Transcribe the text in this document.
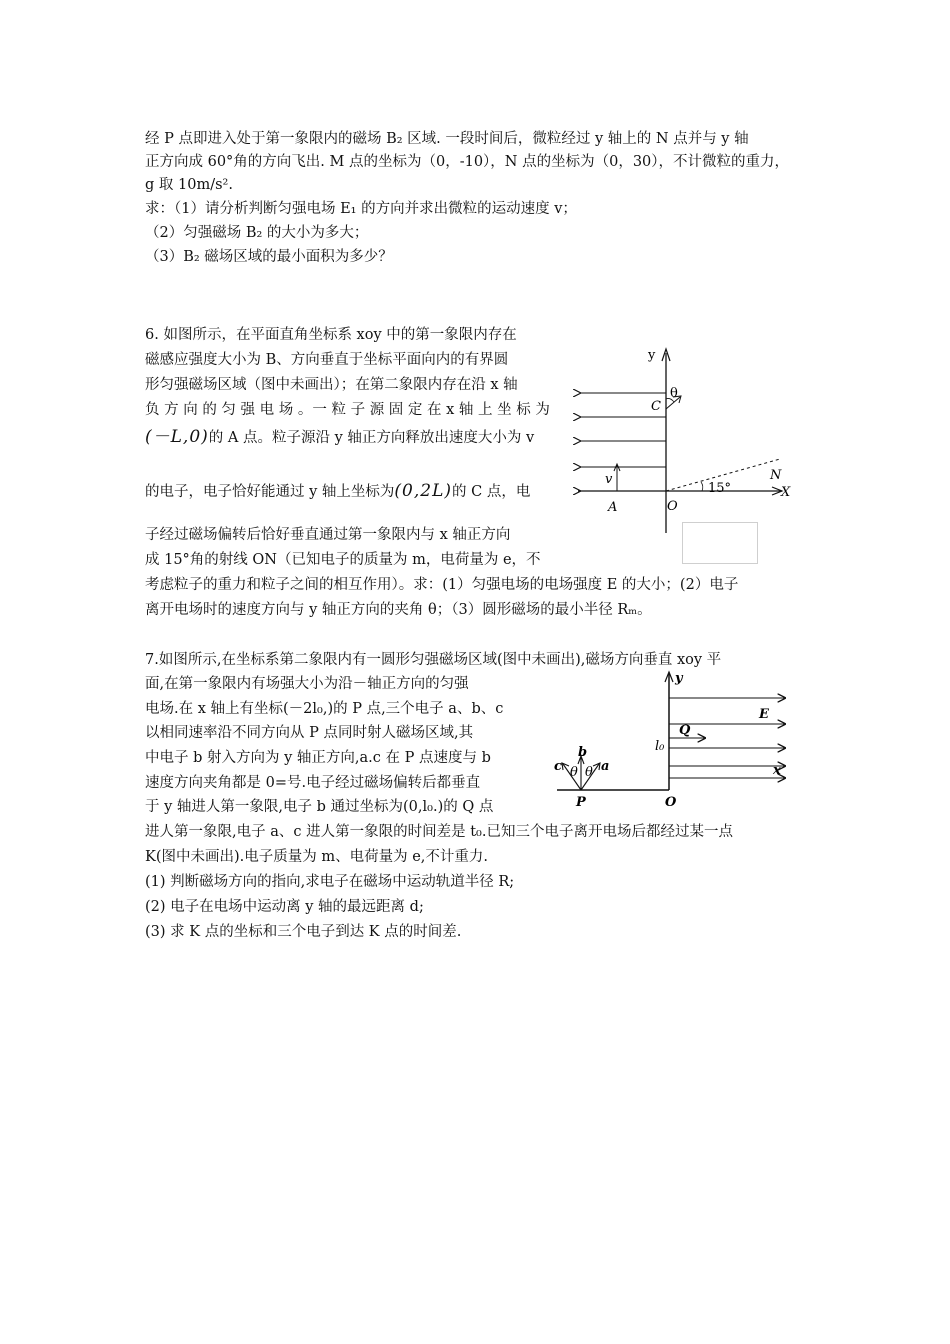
经 P 点即进入处于第一象限内的磁场 B₂ 区域. 一段时间后，微粒经过 y 轴上的 N 点并与 y 轴
正方向成 60°角的方向飞出. M 点的坐标为（0，-10），N 点的坐标为（0，30），不计微粒的重力，
g 取 10m/s².
求：（1）请分析判断匀强电场 E₁ 的方向并求出微粒的运动速度 v；
（2）匀强磁场 B₂ 的大小为多大；
（3）B₂ 磁场区域的最小面积为多少？
6. 如图所示，在平面直角坐标系 xoy 中的第一象限内存在
磁感应强度大小为 B、方向垂直于坐标平面向内的有界圆
形匀强磁场区域（图中未画出）；在第二象限内存在沿 x 轴
负 方 向 的 匀 强 电 场 。一 粒 子 源 固 定 在 x 轴 上 坐 标 为
(－L,0)的 A 点。粒子源沿 y 轴正方向释放出速度大小为 v
的电子，电子恰好能通过 y 轴上坐标为(0,2L)的 C 点，电
子经过磁场偏转后恰好垂直通过第一象限内与 x 轴正方向
成 15°角的射线 ON（已知电子的质量为 m，电荷量为 e，不
考虑粒子的重力和粒子之间的相互作用）。求：(1）匀强电场的电场强度 E 的大小；(2）电子
离开电场时的速度方向与 y 轴正方向的夹角 θ；（3）圆形磁场的最小半径 Rₘ。
y
X
v
A	O
C
θ
N
15°
7.如图所示,在坐标系第二象限内有一圆形匀强磁场区域(图中未画出),磁场方向垂直 xoy 平
面,在第一象限内有场强大小为沿－轴正方向的匀强
电场.在 x 轴上有坐标(－2l₀,)的 P 点,三个电子 a、b、c
以相同速率沿不同方向从 P 点同时射人磁场区域,其
中电子 b 射入方向为 y 轴正方向,a.c 在 P 点速度与 b
速度方向夹角都是 0=号.电子经过磁场偏转后都垂直
于 y 轴进人第一象限,电子 b 通过坐标为(0,l₀.)的 Q 点
进人第一象限,电子 a、c 进人第一象限的时间差是 t₀.已知三个电子离开电场后都经过某一点
K(图中未画出).电子质量为 m、电荷量为 e,不计重力.
(1) 判断磁场方向的指向,求电子在磁场中运动轨道半径 R;
(2) 电子在电场中运动离 y 轴的最远距离 d;
(3) 求 K 点的坐标和三个电子到达 K 点的时间差.
y
x
E
Q
l₀
O
P
b
a
c θ θ
